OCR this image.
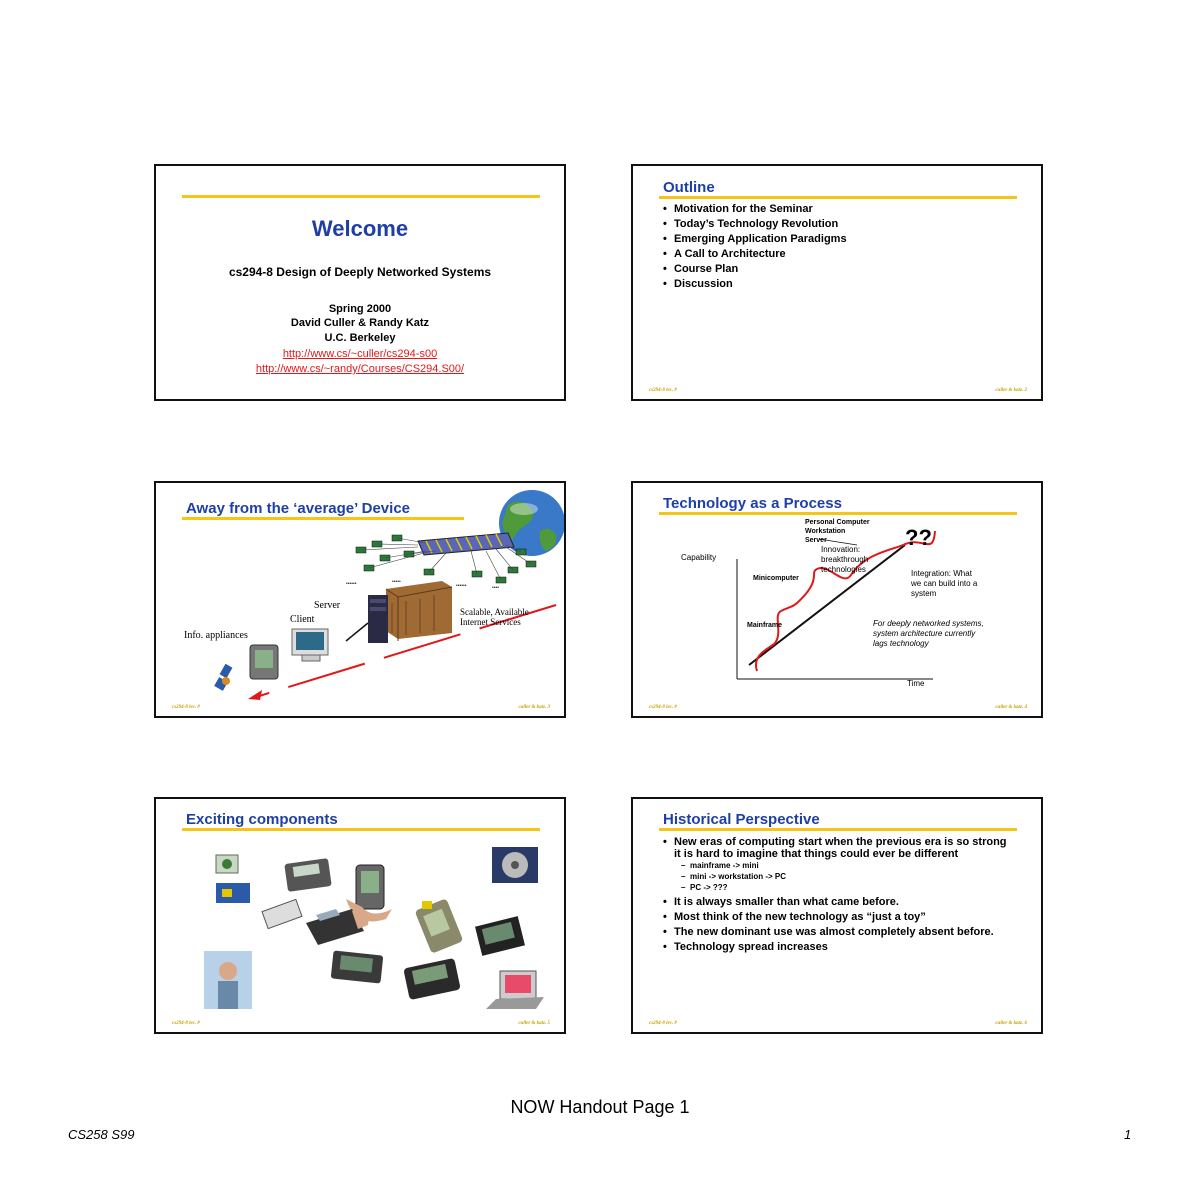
Welcome
cs294-8 Design of Deeply Networked Systems
Spring 2000
David Culler & Randy Katz
U.C. Berkeley
http://www.cs/~culler/cs294-s00
http://www.cs/~randy/Courses/CS294.S00/
Outline
• Motivation for the Seminar
• Today’s Technology Revolution
• Emerging Application Paradigms
• A Call to Architecture
• Course Plan
• Discussion
cs294-8 lec. #	culler & katz. 2
Away from the ‘average’ Device
••••••	•••••
••••••	••••
Server
Client
Info. appliances
Scalable, Available
Internet Services
cs294-8 lec. #	culler & katz. 3
Technology as a Process
Personal Computer
Workstation
Server	??
Innovation:
breakthrough
technologies
Capability
Minicomputer
Integration: What
we can build into a
system
Mainframe	For deeply networked systems,
system architecture currently
lags technology
Time
cs294-8 lec. #	culler & katz. 4
Exciting components
cs294-8 lec. #	culler & katz. 5
Historical Perspective
• New eras of computing start when the previous era is so strong it is hard to imagine that things could ever be different
– mainframe -> mini
– mini -> workstation -> PC
– PC -> ???
• It is always smaller than what came before.
• Most think of the new technology as “just a toy”
• The new dominant use was almost completely absent before.
• Technology spread increases
cs294-8 lec. #	culler & katz. 6
NOW Handout Page 1
CS258 S99	1
